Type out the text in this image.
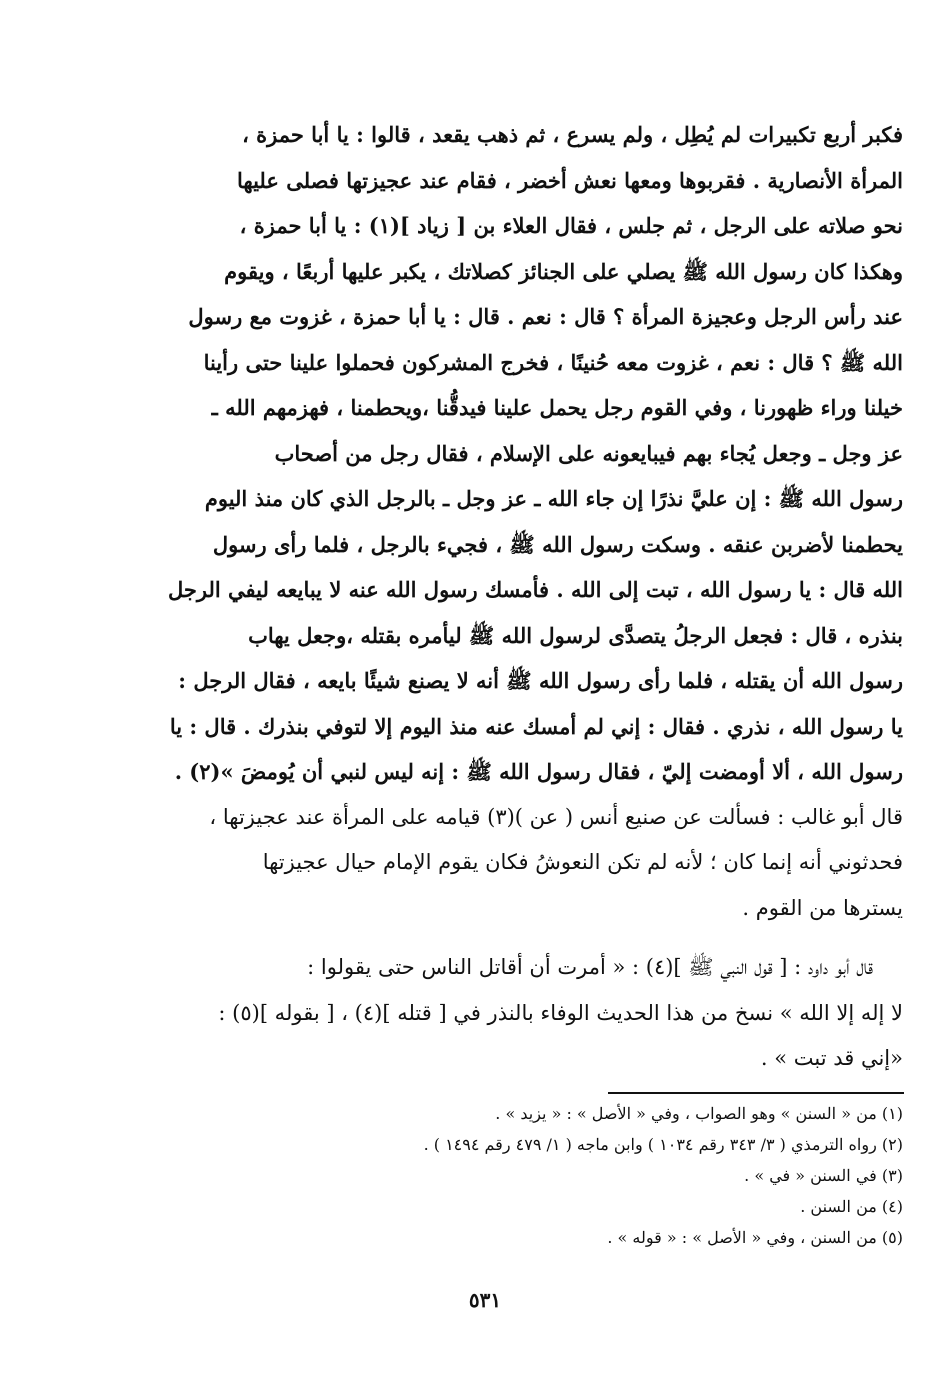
فكبر أربع تكبيرات لم يُطِل ، ولم يسرع ، ثم ذهب يقعد ، قالوا : يا أبا حمزة ،
المرأة الأنصارية . فقربوها ومعها نعش أخضر ، فقام عند عجيزتها فصلى عليها
نحو صلاته على الرجل ، ثم جلس ، فقال العلاء بن [ زياد ](١) : يا أبا حمزة ،
وهكذا كان رسول الله ﷺ يصلي على الجنائز كصلاتك ، يكبر عليها أربعًا ، ويقوم
عند رأس الرجل وعجيزة المرأة ؟ قال : نعم . قال : يا أبا حمزة ، غزوت مع رسول
الله ﷺ ؟ قال : نعم ، غزوت معه حُنينًا ، فخرج المشركون فحملوا علينا حتى رأينا
خيلنا وراء ظهورنا ، وفي القوم رجل يحمل علينا فيدقُّنا ،ويحطمنا ، فهزمهم الله ـ
عز وجل ـ وجعل يُجاء بهم فيبايعونه على الإسلام ، فقال رجل من أصحاب
رسول الله ﷺ : إن عليَّ نذرًا إن جاء الله ـ عز وجل ـ بالرجل الذي كان منذ اليوم
يحطمنا لأضربن عنقه . وسكت رسول الله ﷺ ، فجيء بالرجل ، فلما رأى رسول
الله قال : يا رسول الله ، تبت إلى الله . فأمسك رسول الله عنه لا يبايعه ليفي الرجل
بنذره ، قال : فجعل الرجلُ يتصدَّى لرسول الله ﷺ ليأمره بقتله ،وجعل يهاب
رسول الله أن يقتله ، فلما رأى رسول الله ﷺ أنه لا يصنع شيئًا بايعه ، فقال الرجل :
يا رسول الله ، نذري . فقال : إني لم أمسك عنه منذ اليوم إلا لتوفي بنذرك . قال : يا
رسول الله ، ألا أومضت إليّ ، فقال رسول الله ﷺ : إنه ليس لنبي أن يُومضَ »(٢) .
قال أبو غالب : فسألت عن صنيع أنس ( عن )(٣) قيامه على المرأة عند عجيزتها ،
فحدثوني أنه إنما كان ؛ لأنه لم تكن النعوشُ فكان يقوم الإمام حيال عجيزتها
يسترها من القوم .
قال أبو داود : [ قول النبي ﷺ ](٤) : « أمرت أن أقاتل الناس حتى يقولوا :
لا إله إلا الله » نسخ من هذا الحديث الوفاء بالنذر في [ قتله ](٤) ، [ بقوله ](٥) :
«إني قد تبت » .
(١) من « السنن » وهو الصواب ، وفي « الأصل » : « يزيد » .
(٢) رواه الترمذي ( ٣/ ٣٤٣ رقم ١٠٣٤ ) وابن ماجه ( ١/ ٤٧٩ رقم ١٤٩٤ ) .
(٣) في السنن « في » .
(٤) من السنن .
(٥) من السنن ، وفي « الأصل » : « قوله » .
٥٣١
